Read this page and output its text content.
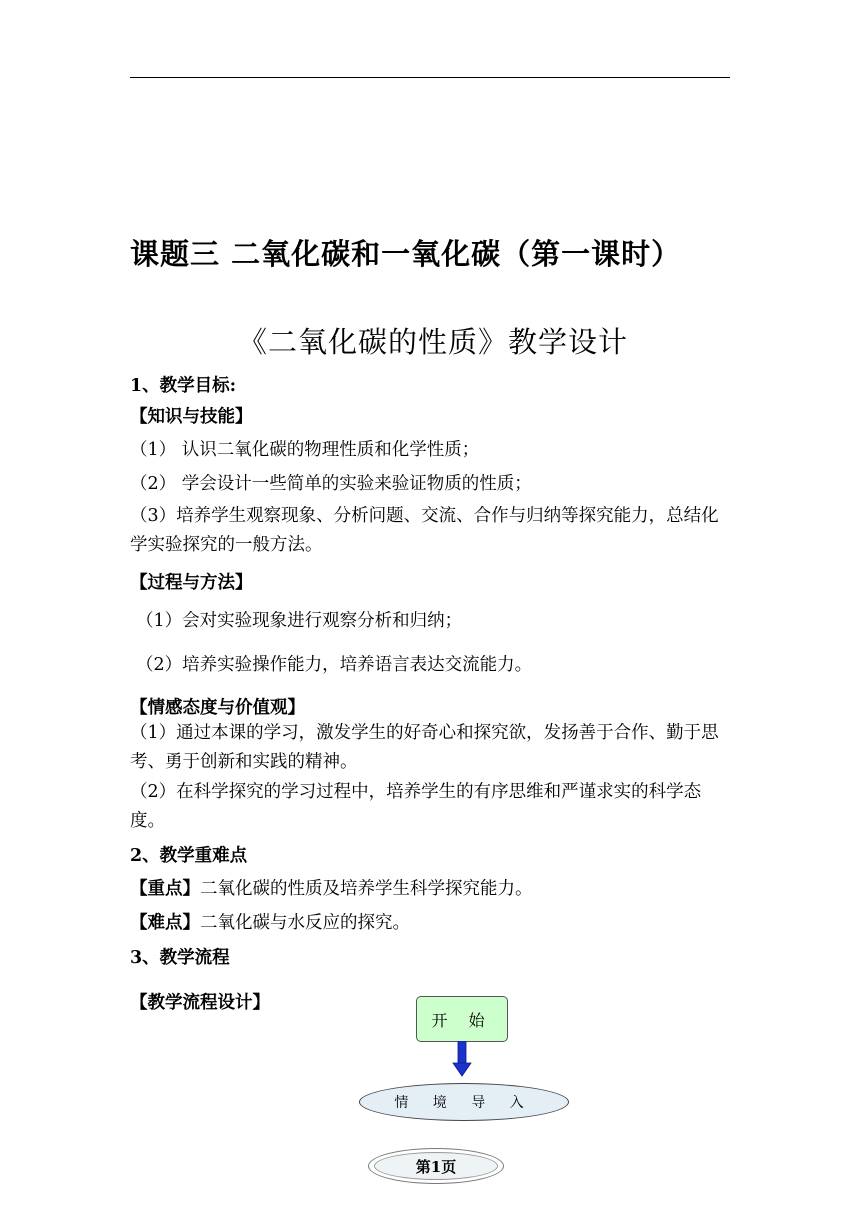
课题三 二氧化碳和一氧化碳（第一课时）
《二氧化碳的性质》教学设计
1、教学目标:
【知识与技能】
（1） 认识二氧化碳的物理性质和化学性质；
（2） 学会设计一些简单的实验来验证物质的性质；
（3）培养学生观察现象、分析问题、交流、合作与归纳等探究能力，总结化学实验探究的一般方法。
【过程与方法】
（1）会对实验现象进行观察分析和归纳；
（2）培养实验操作能力，培养语言表达交流能力。
【情感态度与价值观】
（1）通过本课的学习，激发学生的好奇心和探究欲，发扬善于合作、勤于思考、勇于创新和实践的精神。
（2）在科学探究的学习过程中，培养学生的有序思维和严谨求实的科学态度。
2、教学重难点
【重点】二氧化碳的性质及培养学生科学探究能力。
【难点】二氧化碳与水反应的探究。
3、教学流程
【教学流程设计】
开 始
情 境 导 入
第1页
